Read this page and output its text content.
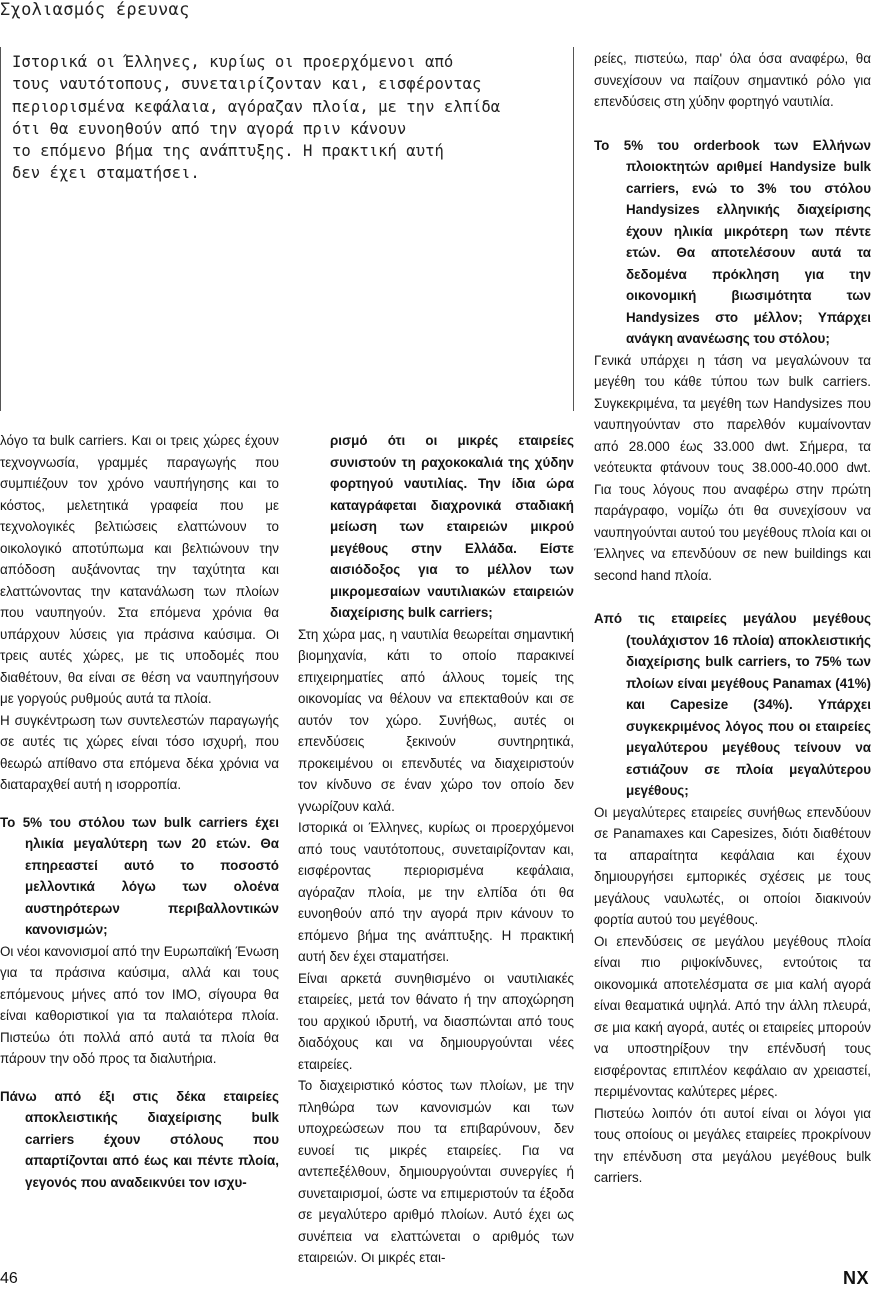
Σχολιασμός έρευνας
Ιστορικά οι Έλληνες, κυρίως οι προερχόμενοι από
τους ναυτότοπους, συνεταιρίζονταν και, εισφέροντας
περιορισμένα κεφάλαια, αγόραζαν πλοία, με την ελπίδα
ότι θα ευνοηθούν από την αγορά πριν κάνουν
το επόμενο βήμα της ανάπτυξης. Η πρακτική αυτή
δεν έχει σταματήσει.

λόγο τα bulk carriers. Και οι τρεις χώρες έχουν τεχνογνωσία, γραμμές παραγωγής που συμπιέζουν τον χρόνο ναυπήγησης και το κόστος, μελετητικά γραφεία που με τεχνολογικές βελτιώσεις ελαττώνουν το οικολογικό αποτύπωμα και βελτιώνουν την απόδοση αυξάνοντας την ταχύτητα και ελαττώνοντας την κατανάλωση των πλοίων που ναυπηγούν. Στα επόμενα χρόνια θα υπάρχουν λύσεις για πράσινα καύσιμα. Οι τρεις αυτές χώρες, με τις υποδομές που διαθέτουν, θα είναι σε θέση να ναυπηγήσουν με γοργούς ρυθμούς αυτά τα πλοία.

Η συγκέντρωση των συντελεστών παραγωγής σε αυτές τις χώρες είναι τόσο ισχυρή, που θεωρώ απίθανο στα επόμενα δέκα χρόνια να διαταραχθεί αυτή η ισορροπία.

Το 5% του στόλου των bulk carriers έχει ηλικία μεγαλύτερη των 20 ετών. Θα επηρεαστεί αυτό το ποσοστό μελλοντικά λόγω των ολοένα αυστηρότερων περιβαλλοντικών κανονισμών;

Οι νέοι κανονισμοί από την Ευρωπαϊκή Ένωση για τα πράσινα καύσιμα, αλλά και τους επόμενους μήνες από τον IMO, σίγουρα θα είναι καθοριστικοί για τα παλαιότερα πλοία. Πιστεύω ότι πολλά από αυτά τα πλοία θα πάρουν την οδό προς τα διαλυτήρια.

Πάνω από έξι στις δέκα εταιρείες αποκλειστικής διαχείρισης bulk carriers έχουν στόλους που απαρτίζονται από έως και πέντε πλοία, γεγονός που αναδεικνύει τον ισχυ-

ρισμό ότι οι μικρές εταιρείες συνιστούν τη ραχοκοκαλιά της χύδην φορτηγού ναυτιλίας. Την ίδια ώρα καταγράφεται διαχρονικά σταδιακή μείωση των εταιρειών μικρού μεγέθους στην Ελλάδα. Είστε αισιόδοξος για το μέλλον των μικρομεσαίων ναυτιλιακών εταιρειών διαχείρισης bulk carriers;

Στη χώρα μας, η ναυτιλία θεωρείται σημαντική βιομηχανία, κάτι το οποίο παρακινεί επιχειρηματίες από άλλους τομείς της οικονομίας να θέλουν να επεκταθούν και σε αυτόν τον χώρο. Συνήθως, αυτές οι επενδύσεις ξεκινούν συντηρητικά, προκειμένου οι επενδυτές να διαχειριστούν τον κίνδυνο σε έναν χώρο τον οποίο δεν γνωρίζουν καλά.

Ιστορικά οι Έλληνες, κυρίως οι προερχόμενοι από τους ναυτότοπους, συνεταιρίζονταν και, εισφέροντας περιορισμένα κεφάλαια, αγόραζαν πλοία, με την ελπίδα ότι θα ευνοηθούν από την αγορά πριν κάνουν το επόμενο βήμα της ανάπτυξης. Η πρακτική αυτή δεν έχει σταματήσει.

Είναι αρκετά συνηθισμένο οι ναυτιλιακές εταιρείες, μετά τον θάνατο ή την αποχώρηση του αρχικού ιδρυτή, να διασπώνται από τους διαδόχους και να δημιουργούνται νέες εταιρείες.

Το διαχειριστικό κόστος των πλοίων, με την πληθώρα των κανονισμών και των υποχρεώσεων που τα επιβαρύνουν, δεν ευνοεί τις μικρές εταιρείες. Για να αντεπεξέλθουν, δημιουργούνται συνεργίες ή συνεταιρισμοί, ώστε να επιμεριστούν τα έξοδα σε μεγαλύτερο αριθμό πλοίων. Αυτό έχει ως συνέπεια να ελαττώνεται ο αριθμός των εταιρειών. Οι μικρές εται-

ρείες, πιστεύω, παρ' όλα όσα αναφέρω, θα συνεχίσουν να παίζουν σημαντικό ρόλο για επενδύσεις στη χύδην φορτηγό ναυτιλία.

Το 5% του orderbook των Ελλήνων πλοιοκτητών αριθμεί Handysize bulk carriers, ενώ το 3% του στόλου Handysizes ελληνικής διαχείρισης έχουν ηλικία μικρότερη των πέντε ετών. Θα αποτελέσουν αυτά τα δεδομένα πρόκληση για την οικονομική βιωσιμότητα των Handysizes στο μέλλον; Υπάρχει ανάγκη ανανέωσης του στόλου;

Γενικά υπάρχει η τάση να μεγαλώνουν τα μεγέθη του κάθε τύπου των bulk carriers. Συγκεκριμένα, τα μεγέθη των Handysizes που ναυπηγούνταν στο παρελθόν κυμαίνονταν από 28.000 έως 33.000 dwt. Σήμερα, τα νεότευκτα φτάνουν τους 38.000-40.000 dwt. Για τους λόγους που αναφέρω στην πρώτη παράγραφο, νομίζω ότι θα συνεχίσουν να ναυπηγούνται αυτού του μεγέθους πλοία και οι Έλληνες να επενδύουν σε new buildings και second hand πλοία.

Από τις εταιρείες μεγάλου μεγέθους (τουλάχιστον 16 πλοία) αποκλειστικής διαχείρισης bulk carriers, το 75% των πλοίων είναι μεγέθους Panamax (41%) και Capesize (34%). Υπάρχει συγκεκριμένος λόγος που οι εταιρείες μεγαλύτερου μεγέθους τείνουν να εστιάζουν σε πλοία μεγαλύτερου μεγέθους;

Οι μεγαλύτερες εταιρείες συνήθως επενδύουν σε Panamaxes και Capesizes, διότι διαθέτουν τα απαραίτητα κεφάλαια και έχουν δημιουργήσει εμπορικές σχέσεις με τους μεγάλους ναυλωτές, οι οποίοι διακινούν φορτία αυτού του μεγέθους.

Οι επενδύσεις σε μεγάλου μεγέθους πλοία είναι πιο ριψοκίνδυνες, εντούτοις τα οικονομικά αποτελέσματα σε μια καλή αγορά είναι θεαματικά υψηλά. Από την άλλη πλευρά, σε μια κακή αγορά, αυτές οι εταιρείες μπορούν να υποστηρίξουν την επένδυσή τους εισφέροντας επιπλέον κεφάλαιο αν χρειαστεί, περιμένοντας καλύτερες μέρες.

Πιστεύω λοιπόν ότι αυτοί είναι οι λόγοι για τους οποίους οι μεγάλες εταιρείες προκρίνουν την επένδυση στα μεγάλου μεγέθους bulk carriers.

46	NX
